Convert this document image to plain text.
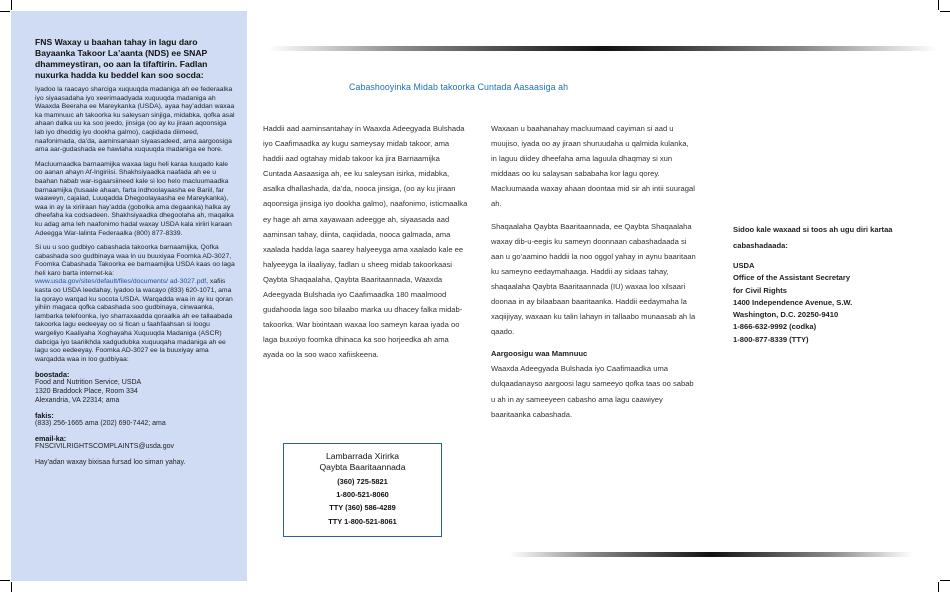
FNS Waxay u baahan tahay in lagu daro Bayaanka Takoor La’aanta (NDS) ee SNAP dhammeystiran, oo aan la tifaftirin. Fadlan nuxurka hadda ku beddel kan soo socda:

Iyadoo la raacayo sharciga xuquuqda madaniga ah ee federaalka iyo siyaasadaha iyo xeerimaadyada xuquuqda madaniga ah Waaxda Beeraha ee Mareykanka (USDA), ayaa hay’addan waxaa ka mamnuuc ah takoorka ku saleysan sinjiga, midabka, qofka asal ahaan dalka uu ka soo jeedo, jinsiga (oo ay ku jiraan aqoonsiga lab iyo dheddig iyo dookha galmo), caqiidada diimeed, naafonimada, da’da, aaminsanaan siyaasadeed, ama aargoosiga ama aar-gudashada ee hawlaha xuquuqda madaniga ee hore.

Macluumaadka barnaamijka waxaa lagu heli karaa luuqado kale oo aanan ahayn Af-Ingiriisi. Shakhsiyaadka naafada ah ee u baahan habab war-isgaarsiineed kale si loo helo macluumaadka barnaamijka (tusaale ahaan, farta indhoolayaasha ee Bariil, far waaweyn, cajalad, Luuqadda Dhegoolayaasha ee Mareykanka), waa in ay la xiriiraan hay’adda (gobolka ama degaanka) halka ay dheefaha ka codsadeen. Shakhsiyaadka dhegoolaha ah, maqalka ku adag ama leh naafonimo hadal waxay USDA kala xiriiri karaan Adeegga War-lalinta Federaalka (800) 877-8339.

Si uu u soo gudbiyo cabashada takoorka barnaamijka, Qofka cabashada soo gudbinaya waa in uu buuxiyaa Foomka AD-3027, Foomka Cabashada Takoorka ee barnaamijka USDA kaas oo laga heli karo barta internet-ka: www.usda.gov/sites/default/files/documents/ ad-3027.pdf, xafiis kasta oo USDA leedahay, iyadoo la wacayo (833) 620-1071, ama la qorayo warqad ku socota USDA. Warqadda waa in ay ku qoran yihiin magaca qofka cabashada soo gudbinaya, cinwaanka, lambarka telefoonka, iyo sharraxaadda qoraalka ah ee tallaabada takoorka lagu eedeeyay oo si fican u faahfaahsan si loogu wargeliyo Kaaliyaha Xoghayaha Xuquuqda Madaniga (ASCR) dabciga iyo taariikhda xadgudubka xuquuqaha madaniga ah ee lagu soo eedeeyay. Foomka AD-3027 ee la buuxiyay ama warqadda waa in loo gudbiyaa:

boostada:
Food and Nutrition Service, USDA
1320 Braddock Place, Room 334
Alexandria, VA 22314; ama
fakis:
(833) 256-1665 ama (202) 690-7442; ama
email-ka:
FNSCIVILRIGHTSCOMPLAINTS@usda.gov
Hay’adan waxay bixisaa fursad loo siman yahay.
Cabashooyinka Midab takoorka Cuntada Aasaasiga ah

Haddii aad aaminsantahay in Waaxda Adeegyada Bulshada iyo Caafimaadka ay kugu sameysay midab takoor, ama haddii aad ogtahay midab takoor ka jira Barnaamijka Cuntada Aasaasiga ah, ee ku saleysan isirka, midabka, asalka dhallashada, da’da, nooca jinsiga, (oo ay ku jiraan aqoonsiga jinsiga iyo dookha galmo), naafonimo, isticmaalka ey hage ah ama xayawaan adeegge ah, siyaasada aad aaminsan tahay, diinta, caqiidada, nooca galmada, ama xaalada hadda laga saarey halyeeyga ama xaalado kale ee halyeeyga la ilaaliyay, fadlan u sheeg midab takoorkaasi Qaybta Shaqaalaha, Qaybta Baaritaannada, Waaxda Adeegyada Bulshada iyo Caafimaadka 180 maalmood gudahooda laga soo bilaabo marka uu dhacey falka midab-takoorka. War bixintaan waxaa loo sameyn karaa iyada oo laga buuxiyo foomka dhinaca ka soo horjeedka ah ama ayada oo la soo waco xafiiskeena.

Waxaan u baahanahay macluumaad cayiman si aad u muujiso, iyada oo ay jiraan shuruudaha u qalmida kulanka, in laguu diidey dheefaha ama laguula dhaqmay si xun middaas oo ku salaysan sababaha kor lagu qorey. Macluumaada waxay ahaan doontaa mid sir ah intii suuragal ah.

Shaqaalaha Qaybta Baaritaannada, ee Qaybta Shaqaalaha waxay dib-u-eegis ku sameyn doonnaan cabashadaada si aan u go’aamino haddii la noo oggol yahay in aynu baaritaan ku sameyno eedaymahaaga. Haddii ay sidaas tahay, shaqaalaha Qaybta Baaritaannada (IU) waxaa loo xilsaari doonaa in ay bilaabaan baaritaanka. Haddii eedaymaha la xaqiijiyay, waxaan ku talin lahayn in tallaabo munaasab ah la qaado.

Aargoosigu waa Mamnuuc

Waaxda Adeegyada Bulshada iyo Caafimaadka uma dulqaadanayso aargoosi lagu sameeyo qofka taas oo sabab u ah in ay sameeyeen cabasho ama lagu caawiyey baaritaanka cabashada.

Lambarrada Xirirka
Qaybta Baaritaannada
(360) 725-5821
1-800-521-8060
TTY (360) 586-4289
TTY 1-800-521-8061
Sidoo kale waxaad si toos ah ugu diri kartaa cabashadaada:
USDA
Office of the Assistant Secretary
for Civil Rights
1400 Independence Avenue, S.W.
Washington, D.C. 20250-9410
1-866-632-9992 (codka)
1-800-877-8339 (TTY)
